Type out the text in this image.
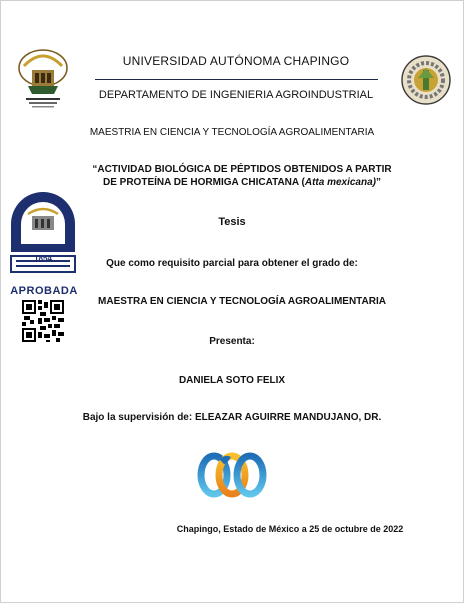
UNIVERSIDAD AUTÓNOMA CHAPINGO
DEPARTAMENTO DE INGENIERIA AGROINDUSTRIAL
MAESTRIA EN CIENCIA Y TECNOLOGÍA AGROALIMENTARIA
“ACTIVIDAD BIOLÓGICA DE PÉPTIDOS OBTENIDOS A PARTIR
DE PROTEÍNA DE HORMIGA CHICATANA (Atta mexicana)”
1854
APROBADA
Tesis
Que como requisito parcial para obtener el grado de:
MAESTRA EN CIENCIA Y TECNOLOGÍA AGROALIMENTARIA
Presenta:
DANIELA SOTO FELIX
Bajo la supervisión de: ELEAZAR AGUIRRE MANDUJANO, DR.
Chapingo, Estado de México a 25 de octubre de 2022
